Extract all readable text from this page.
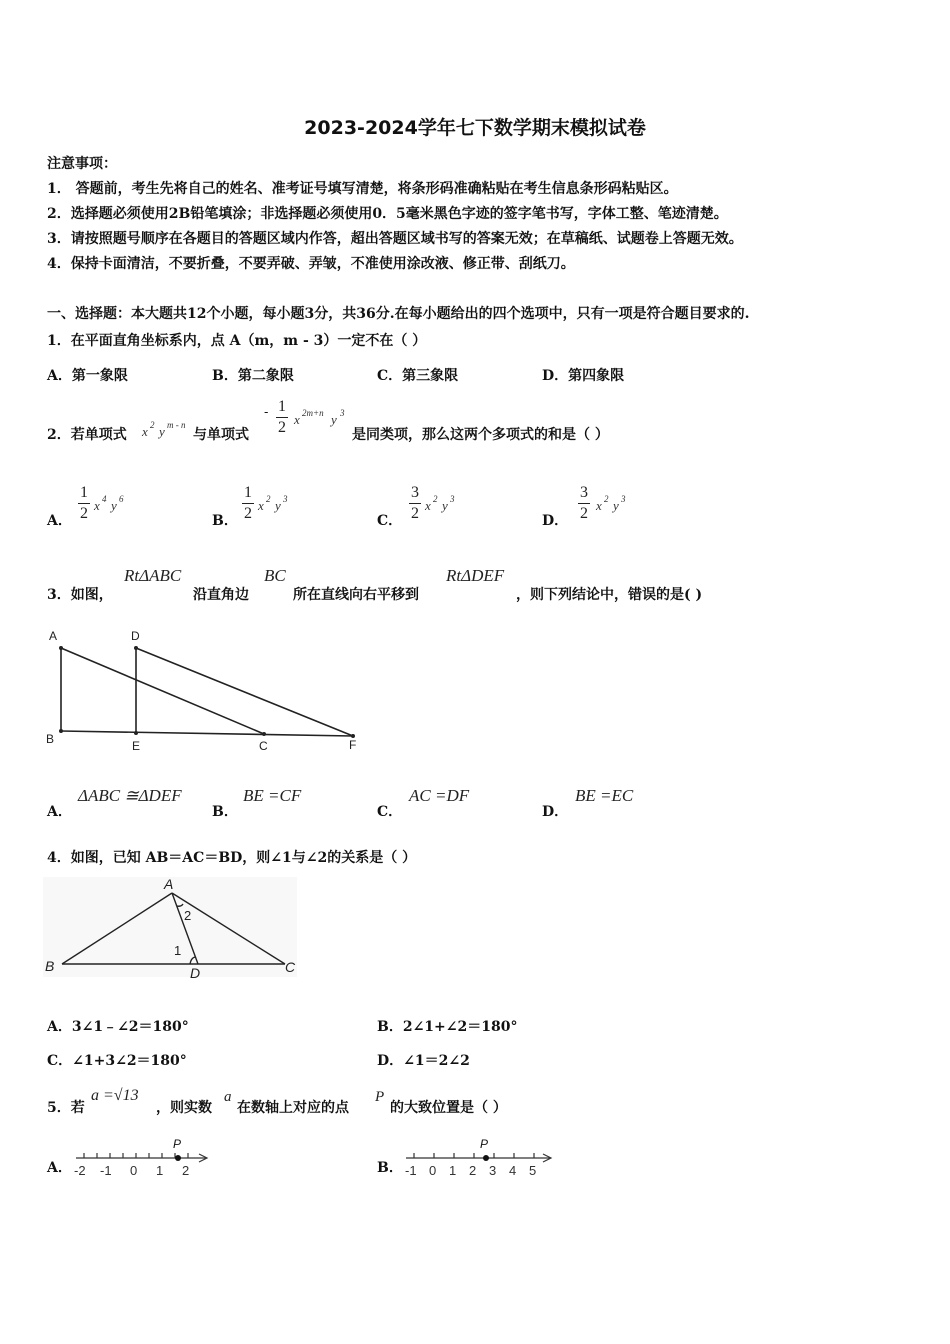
2023-2024学年七下数学期末模拟试卷
注意事项：
1． 答题前，考生先将自己的姓名、准考证号填写清楚，将条形码准确粘贴在考生信息条形码粘贴区。
2．选择题必须使用2B铅笔填涂；非选择题必须使用0．5毫米黑色字迹的签字笔书写，字体工整、笔迹清楚。
3．请按照题号顺序在各题目的答题区域内作答，超出答题区域书写的答案无效；在草稿纸、试题卷上答题无效。
4．保持卡面清洁，不要折叠，不要弄破、弄皱，不准使用涂改液、修正带、刮纸刀。
一、选择题：本大题共12个小题，每小题3分，共36分.在每小题给出的四个选项中，只有一项是符合题目要求的.
1．在平面直角坐标系内，点 A（m，m - 3）一定不在（ ）
A．第一象限	B．第二象限	C．第三象限	D．第四象限
2．若单项式 x 2 y m - n
与单项式
- 1
2 x 2m+n y 3
是同类项，那么这两个多项式的和是（ ）
A．
1
2 x 4 y 6
B．
1
2 x 2 y 3
C．
3
2 x 2 y 3
D．
3
2 x 2 y 3
3．如图，
RtΔABC
沿直角边
BC
所在直线向右平移到
RtΔDEF
，则下列结论中，错误的是( )
A	D
B	E	C	F
A．
ΔABC ≅ΔDEF
B．
BE =CF
C．
AC =DF
D．
BE =EC
4．如图，已知 AB＝AC＝BD，则∠1与∠2的关系是（ ）
A
B	C
D
1
2
A．3∠1﹣∠2＝180°	B．2∠1+∠2＝180°
C．∠1+3∠2＝180°	D．∠1＝2∠2
5．若
a =√13
，则实数
a
在数轴上对应的点
P
的大致位置是（ ）
A．
P
-2 -1 0 1 2	B．
P
-1 0 1 2 3 4 5
